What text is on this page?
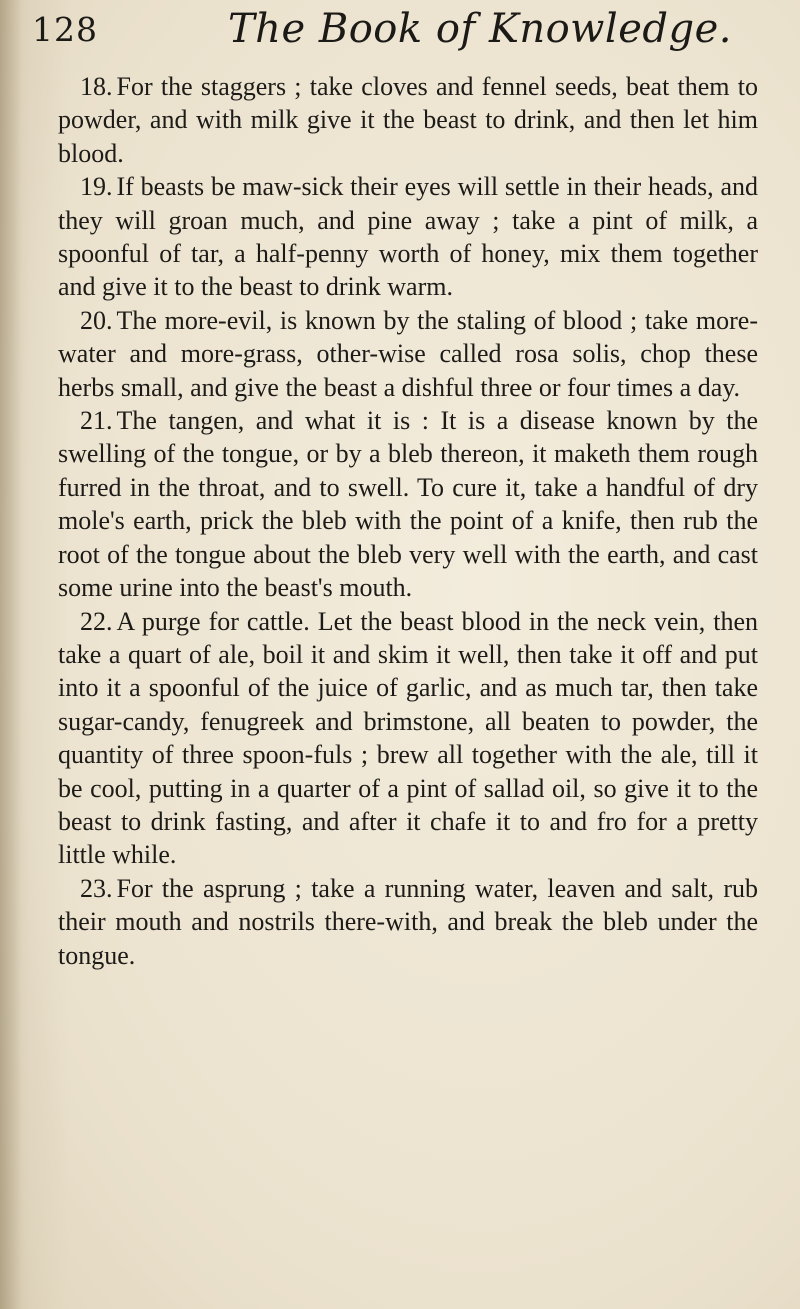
128	The Book of Knowledge.

18. For the staggers ; take cloves and fennel seeds, beat them to powder, and with milk give it the beast to drink, and then let him blood.

19. If beasts be maw-sick their eyes will settle in their heads, and they will groan much, and pine away ; take a pint of milk, a spoonful of tar, a half-penny worth of honey, mix them together and give it to the beast to drink warm.

20. The more-evil, is known by the staling of blood ; take more-water and more-grass, other-wise called rosa solis, chop these herbs small, and give the beast a dishful three or four times a day.

21. The tangen, and what it is : It is a disease known by the swelling of the tongue, or by a bleb thereon, it maketh them rough furred in the throat, and to swell. To cure it, take a handful of dry mole's earth, prick the bleb with the point of a knife, then rub the root of the tongue about the bleb very well with the earth, and cast some urine into the beast's mouth.

22. A purge for cattle. Let the beast blood in the neck vein, then take a quart of ale, boil it and skim it well, then take it off and put into it a spoonful of the juice of garlic, and as much tar, then take sugar-candy, fenugreek and brimstone, all beaten to powder, the quantity of three spoon-fuls ; brew all together with the ale, till it be cool, putting in a quarter of a pint of sallad oil, so give it to the beast to drink fasting, and after it chafe it to and fro for a pretty little while.

23. For the asprung ; take a running water, leaven and salt, rub their mouth and nostrils there-with, and break the bleb under the tongue.
